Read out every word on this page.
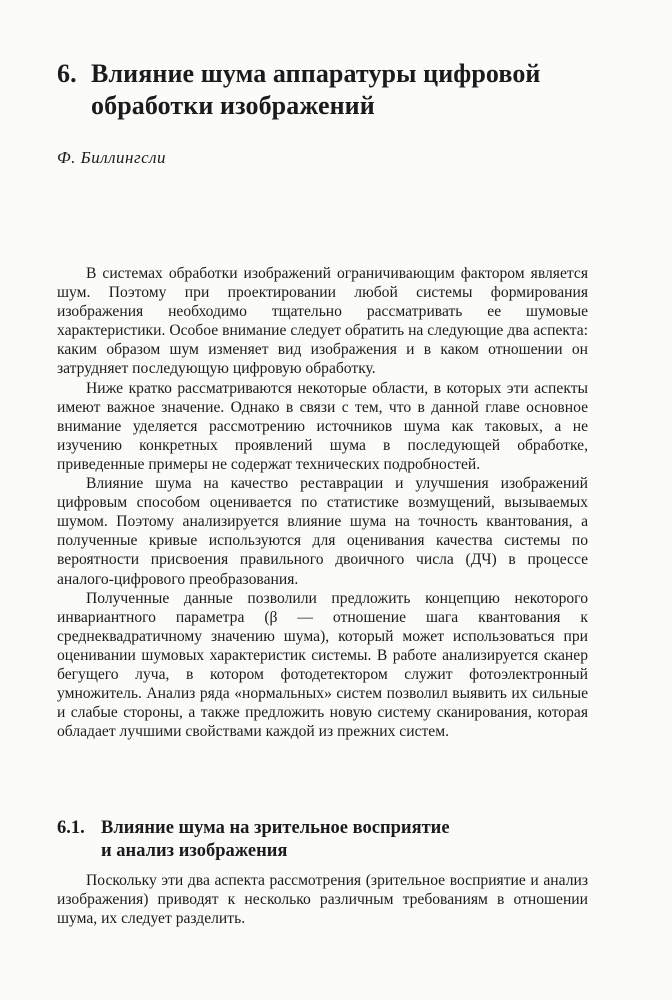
6. Влияние шума аппаратуры цифровой
обработки изображений

Ф. Биллингсли

В системах обработки изображений ограничивающим фактором является шум. Поэтому при проектировании любой системы формирования изображения необходимо тщательно рассматривать ее шумовые характеристики. Особое внимание следует обратить на следующие два аспекта: каким образом шум изменяет вид изображения и в каком отношении он затрудняет последующую цифровую обработку.

Ниже кратко рассматриваются некоторые области, в которых эти аспекты имеют важное значение. Однако в связи с тем, что в данной главе основное внимание уделяется рассмотрению источников шума как таковых, а не изучению конкретных проявлений шума в последующей обработке, приведенные примеры не содержат технических подробностей.

Влияние шума на качество реставрации и улучшения изображений цифровым способом оценивается по статистике возмущений, вызываемых шумом. Поэтому анализируется влияние шума на точность квантования, а полученные кривые используются для оценивания качества системы по вероятности присвоения правильного двоичного числа (ДЧ) в процессе аналого-цифрового преобразования.

Полученные данные позволили предложить концепцию некоторого инвариантного параметра (β — отношение шага квантования к среднеквадратичному значению шума), который может использоваться при оценивании шумовых характеристик системы. В работе анализируется сканер бегущего луча, в котором фотодетектором служит фотоэлектронный умножитель. Анализ ряда «нормальных» систем позволил выявить их сильные и слабые стороны, а также предложить новую систему сканирования, которая обладает лучшими свойствами каждой из прежних систем.

6.1. Влияние шума на зрительное восприятие
и анализ изображения

Поскольку эти два аспекта рассмотрения (зрительное восприятие и анализ изображения) приводят к несколько различным требованиям в отношении шума, их следует разделить.
